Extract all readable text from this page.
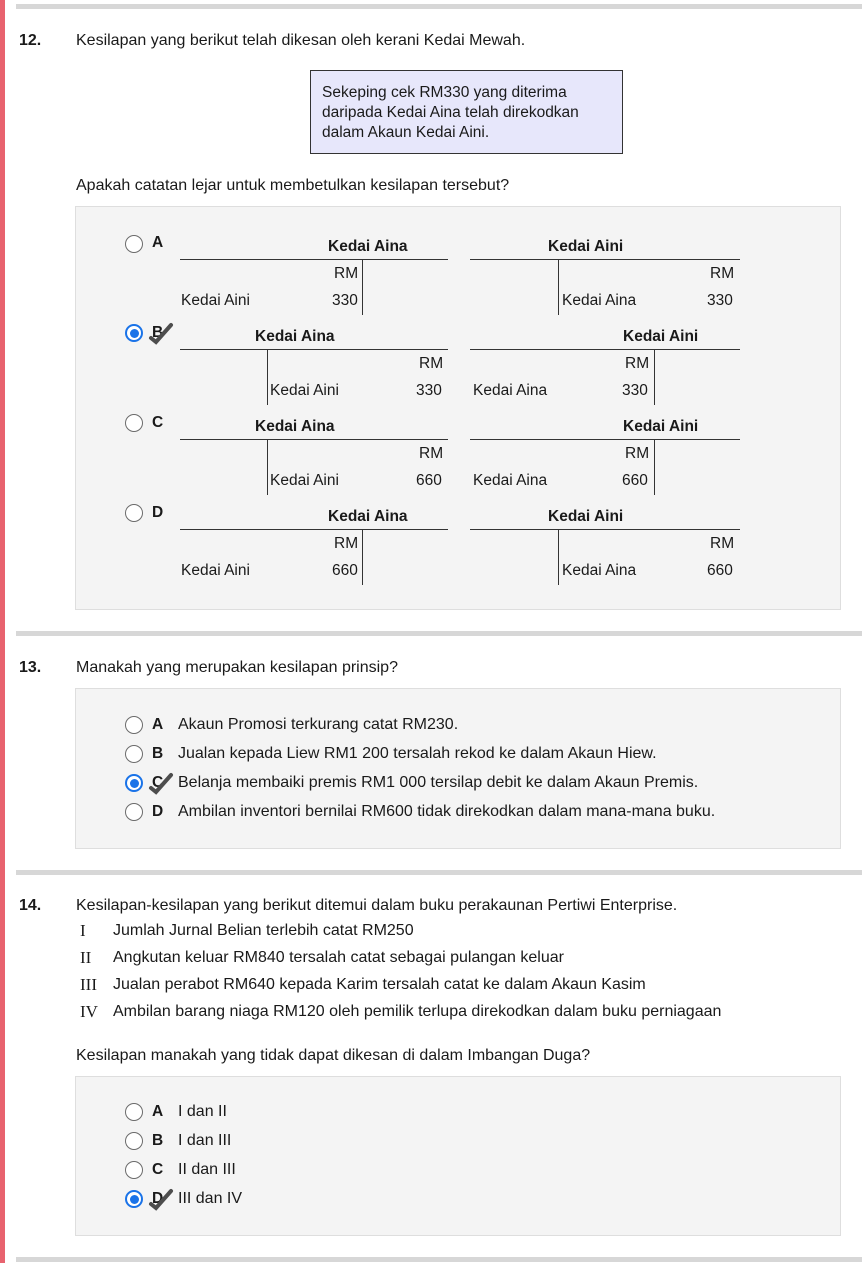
12. Kesilapan yang berikut telah dikesan oleh kerani Kedai Mewah.
Sekeping cek RM330 yang diterima daripada Kedai Aina telah direkodkan dalam Akaun Kedai Aini.
Apakah catatan lejar untuk membetulkan kesilapan tersebut?
A	Kedai Aina
RM
Kedai Aini	330
Kedai Aini
RM
Kedai Aina	330
B	Kedai Aina
RM
Kedai Aini	330
Kedai Aini
RM
Kedai Aina	330
C	Kedai Aina
RM
Kedai Aini	660
Kedai Aini
RM
Kedai Aina	660
D	Kedai Aina
RM
Kedai Aini	660
Kedai Aini
RM
Kedai Aina	660
13. Manakah yang merupakan kesilapan prinsip?
A Akaun Promosi terkurang catat RM230.
B Jualan kepada Liew RM1 200 tersalah rekod ke dalam Akaun Hiew.
C Belanja membaiki premis RM1 000 tersilap debit ke dalam Akaun Premis.
D Ambilan inventori bernilai RM600 tidak direkodkan dalam mana-mana buku.
14. Kesilapan-kesilapan yang berikut ditemui dalam buku perakaunan Pertiwi Enterprise.
I Jumlah Jurnal Belian terlebih catat RM250
II Angkutan keluar RM840 tersalah catat sebagai pulangan keluar
III Jualan perabot RM640 kepada Karim tersalah catat ke dalam Akaun Kasim
IV Ambilan barang niaga RM120 oleh pemilik terlupa direkodkan dalam buku perniagaan
Kesilapan manakah yang tidak dapat dikesan di dalam Imbangan Duga?
A I dan II
B I dan III
C II dan III
D III dan IV
